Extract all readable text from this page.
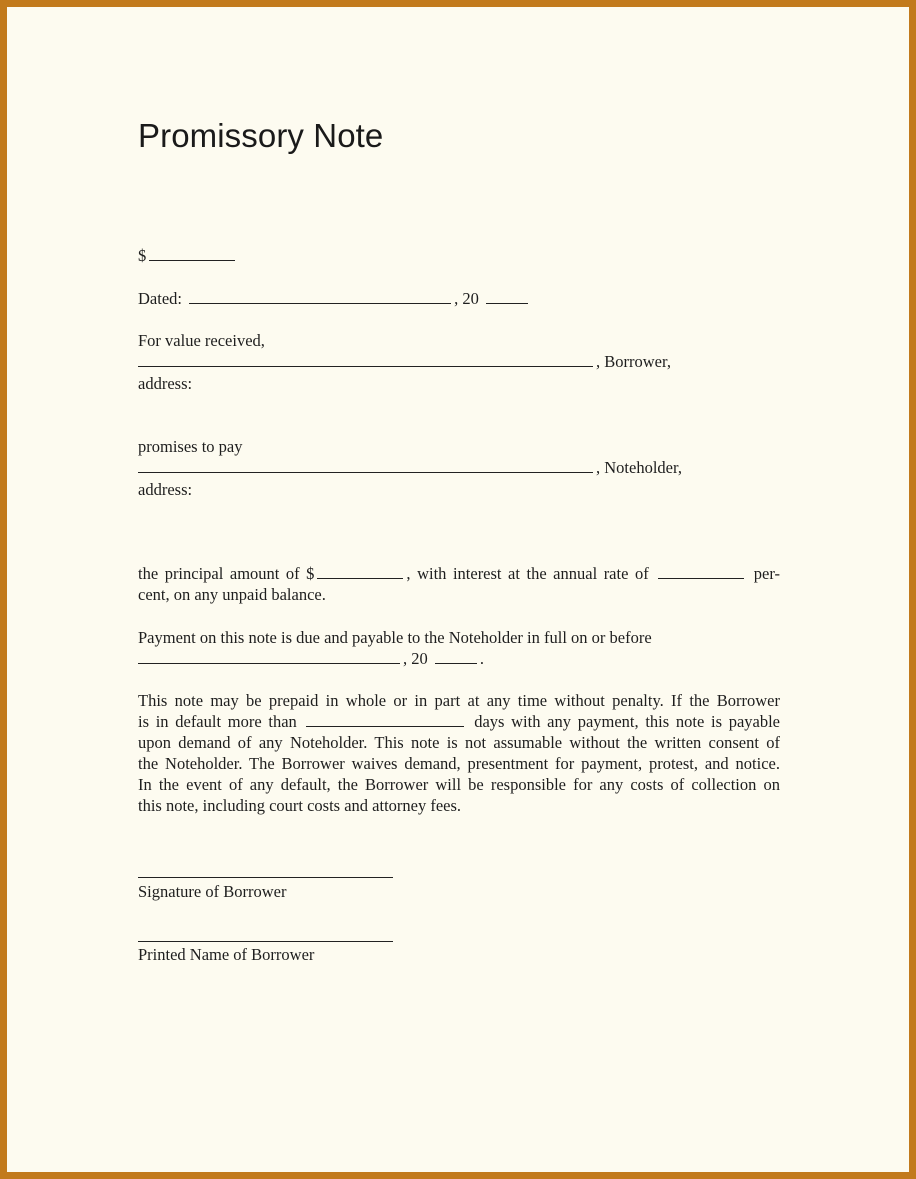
Promissory Note
$
Dated:	, 20
For value received,
, Borrower,
address:
promises to pay
, Noteholder,
address:
the principal amount of $	, with interest at the annual rate of	per-
cent, on any unpaid balance.
Payment on this note is due and payable to the Noteholder in full on or before
, 20	.
This note may be prepaid in whole or in part at any time without penalty. If the Borrower
is in default more than	days with any payment, this note is payable
upon demand of any Noteholder. This note is not assumable without the written consent of
the Noteholder. The Borrower waives demand, presentment for payment, protest, and notice.
In the event of any default, the Borrower will be responsible for any costs of collection on
this note, including court costs and attorney fees.
Signature of Borrower
Printed Name of Borrower
